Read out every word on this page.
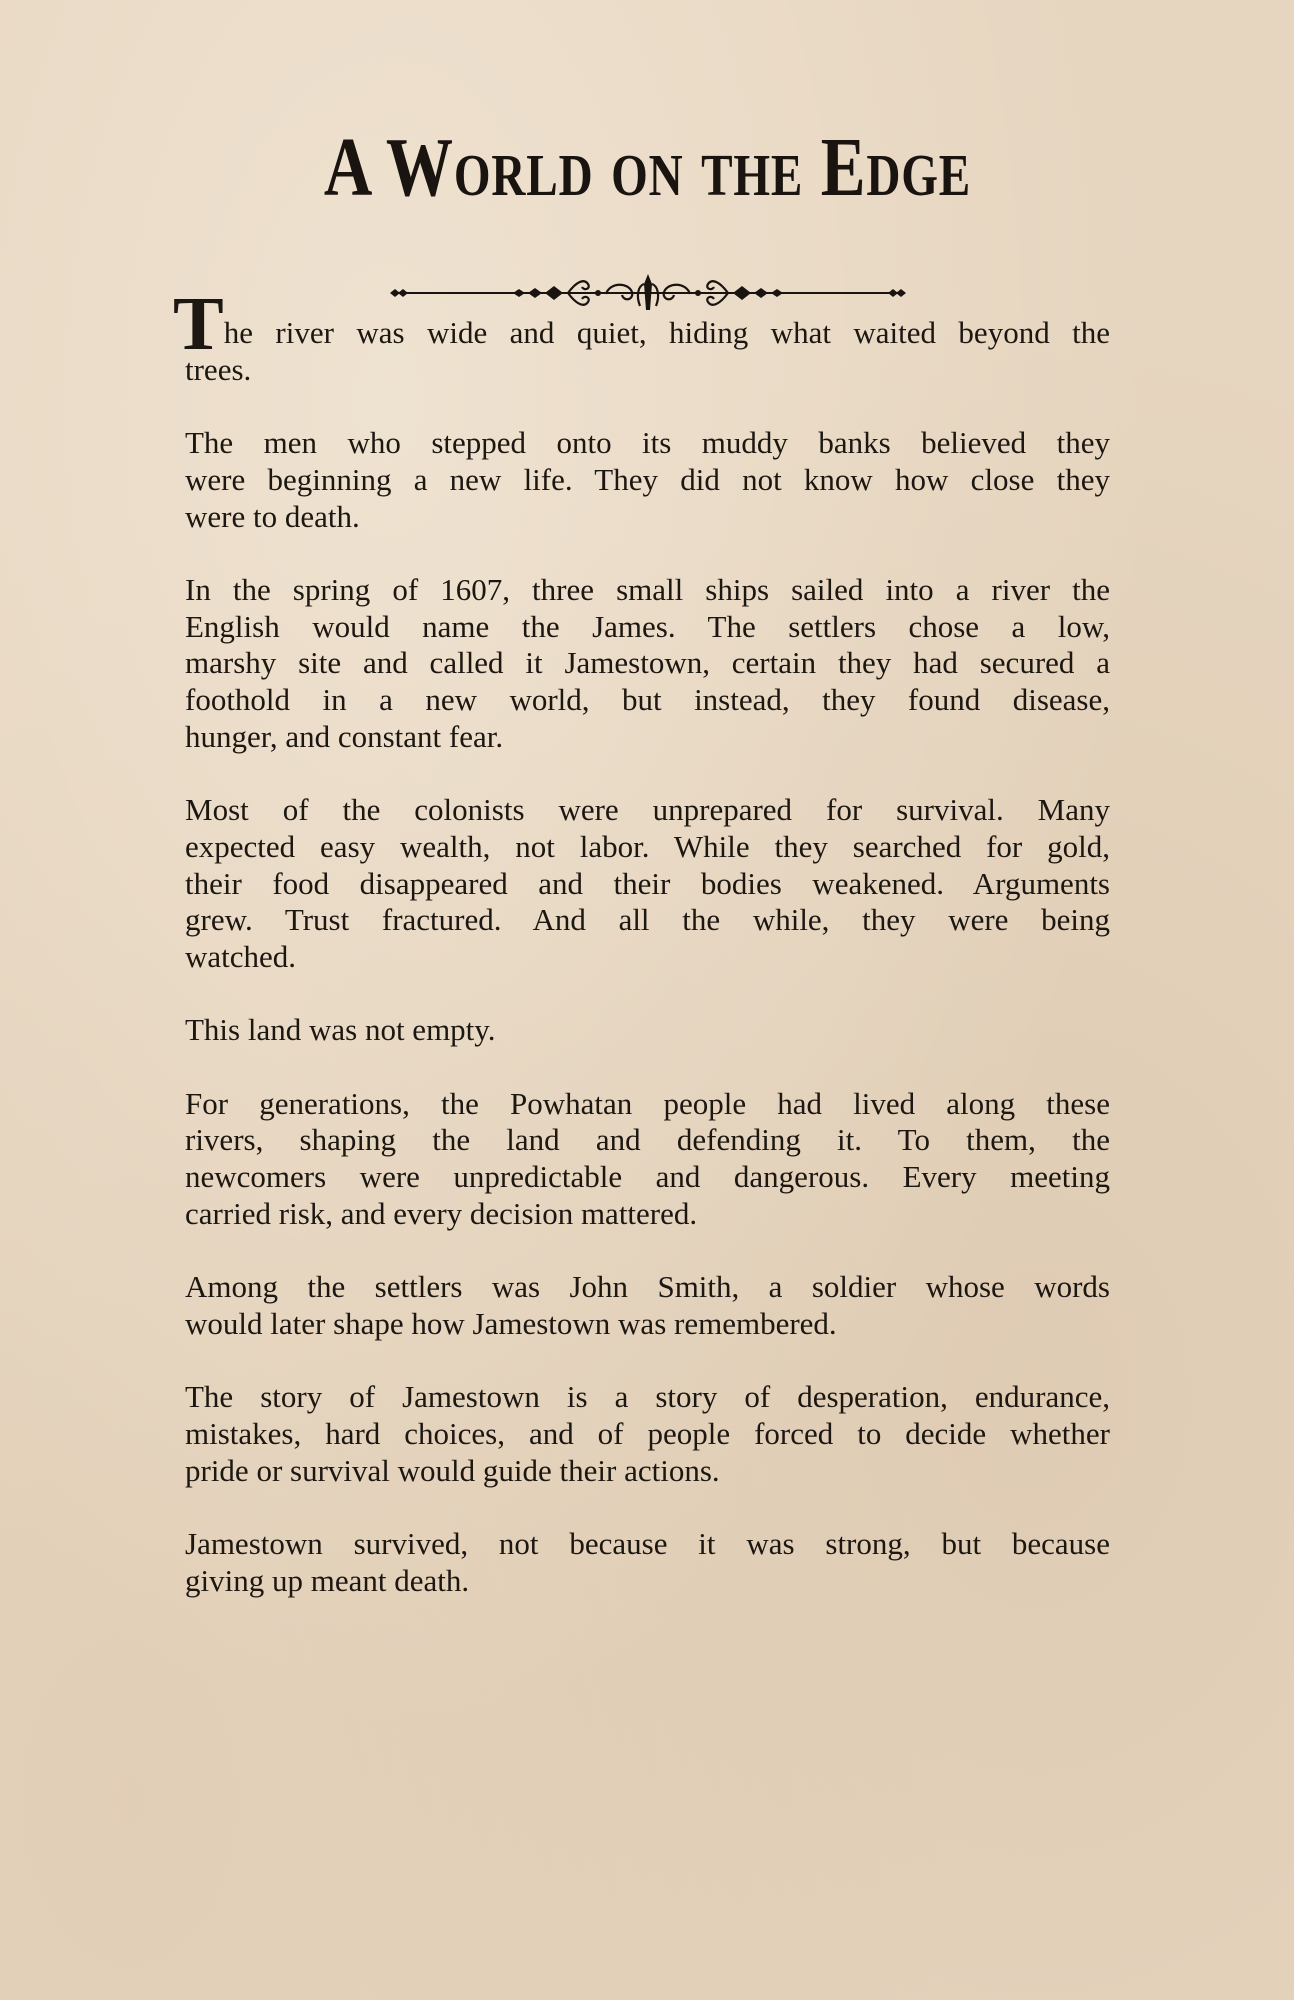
A World on the Edge
The river was wide and quiet, hiding what waited beyond the
trees.
The men who stepped onto its muddy banks believed they
were beginning a new life. They did not know how close they
were to death.
In the spring of 1607, three small ships sailed into a river the
English would name the James. The settlers chose a low,
marshy site and called it Jamestown, certain they had secured a
foothold in a new world, but instead, they found disease,
hunger, and constant fear.
Most of the colonists were unprepared for survival. Many
expected easy wealth, not labor. While they searched for gold,
their food disappeared and their bodies weakened. Arguments
grew. Trust fractured. And all the while, they were being
watched.
This land was not empty.
For generations, the Powhatan people had lived along these
rivers, shaping the land and defending it. To them, the
newcomers were unpredictable and dangerous. Every meeting
carried risk, and every decision mattered.
Among the settlers was John Smith, a soldier whose words
would later shape how Jamestown was remembered.
The story of Jamestown is a story of desperation, endurance,
mistakes, hard choices, and of people forced to decide whether
pride or survival would guide their actions.
Jamestown survived, not because it was strong, but because
giving up meant death.
